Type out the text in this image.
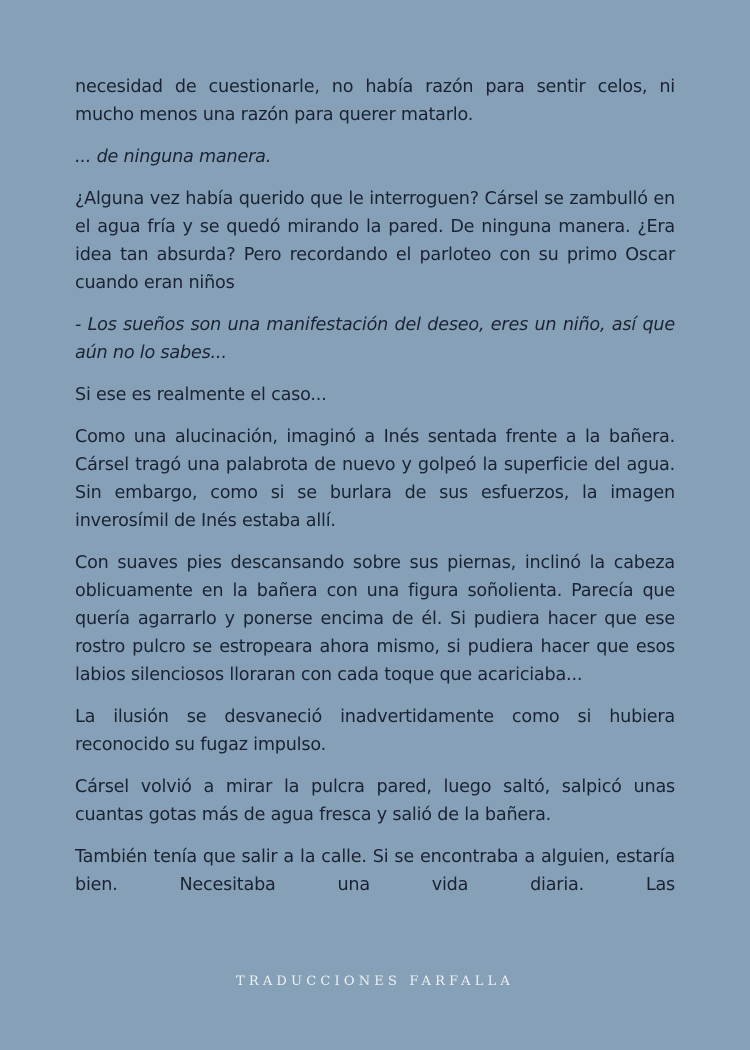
necesidad de cuestionarle, no había razón para sentir celos, ni mucho menos una razón para querer matarlo.

... de ninguna manera.

¿Alguna vez había querido que le interroguen? Cársel se zambulló en el agua fría y se quedó mirando la pared. De ninguna manera. ¿Era idea tan absurda? Pero recordando el parloteo con su primo Oscar cuando eran niños

- Los sueños son una manifestación del deseo, eres un niño, así que aún no lo sabes...

Si ese es realmente el caso...

Como una alucinación, imaginó a Inés sentada frente a la bañera. Cársel tragó una palabrota de nuevo y golpeó la superficie del agua. Sin embargo, como si se burlara de sus esfuerzos, la imagen inverosímil de Inés estaba allí.

Con suaves pies descansando sobre sus piernas, inclinó la cabeza oblicuamente en la bañera con una figura soñolienta. Parecía que quería agarrarlo y ponerse encima de él. Si pudiera hacer que ese rostro pulcro se estropeara ahora mismo, si pudiera hacer que esos labios silenciosos lloraran con cada toque que acariciaba...

La ilusión se desvaneció inadvertidamente como si hubiera reconocido su fugaz impulso.

Cársel volvió a mirar la pulcra pared, luego saltó, salpicó unas cuantas gotas más de agua fresca y salió de la bañera.

También tenía que salir a la calle. Si se encontraba a alguien, estaría bien. Necesitaba una vida diaria. Las

TRADUCCIONES FARFALLA
